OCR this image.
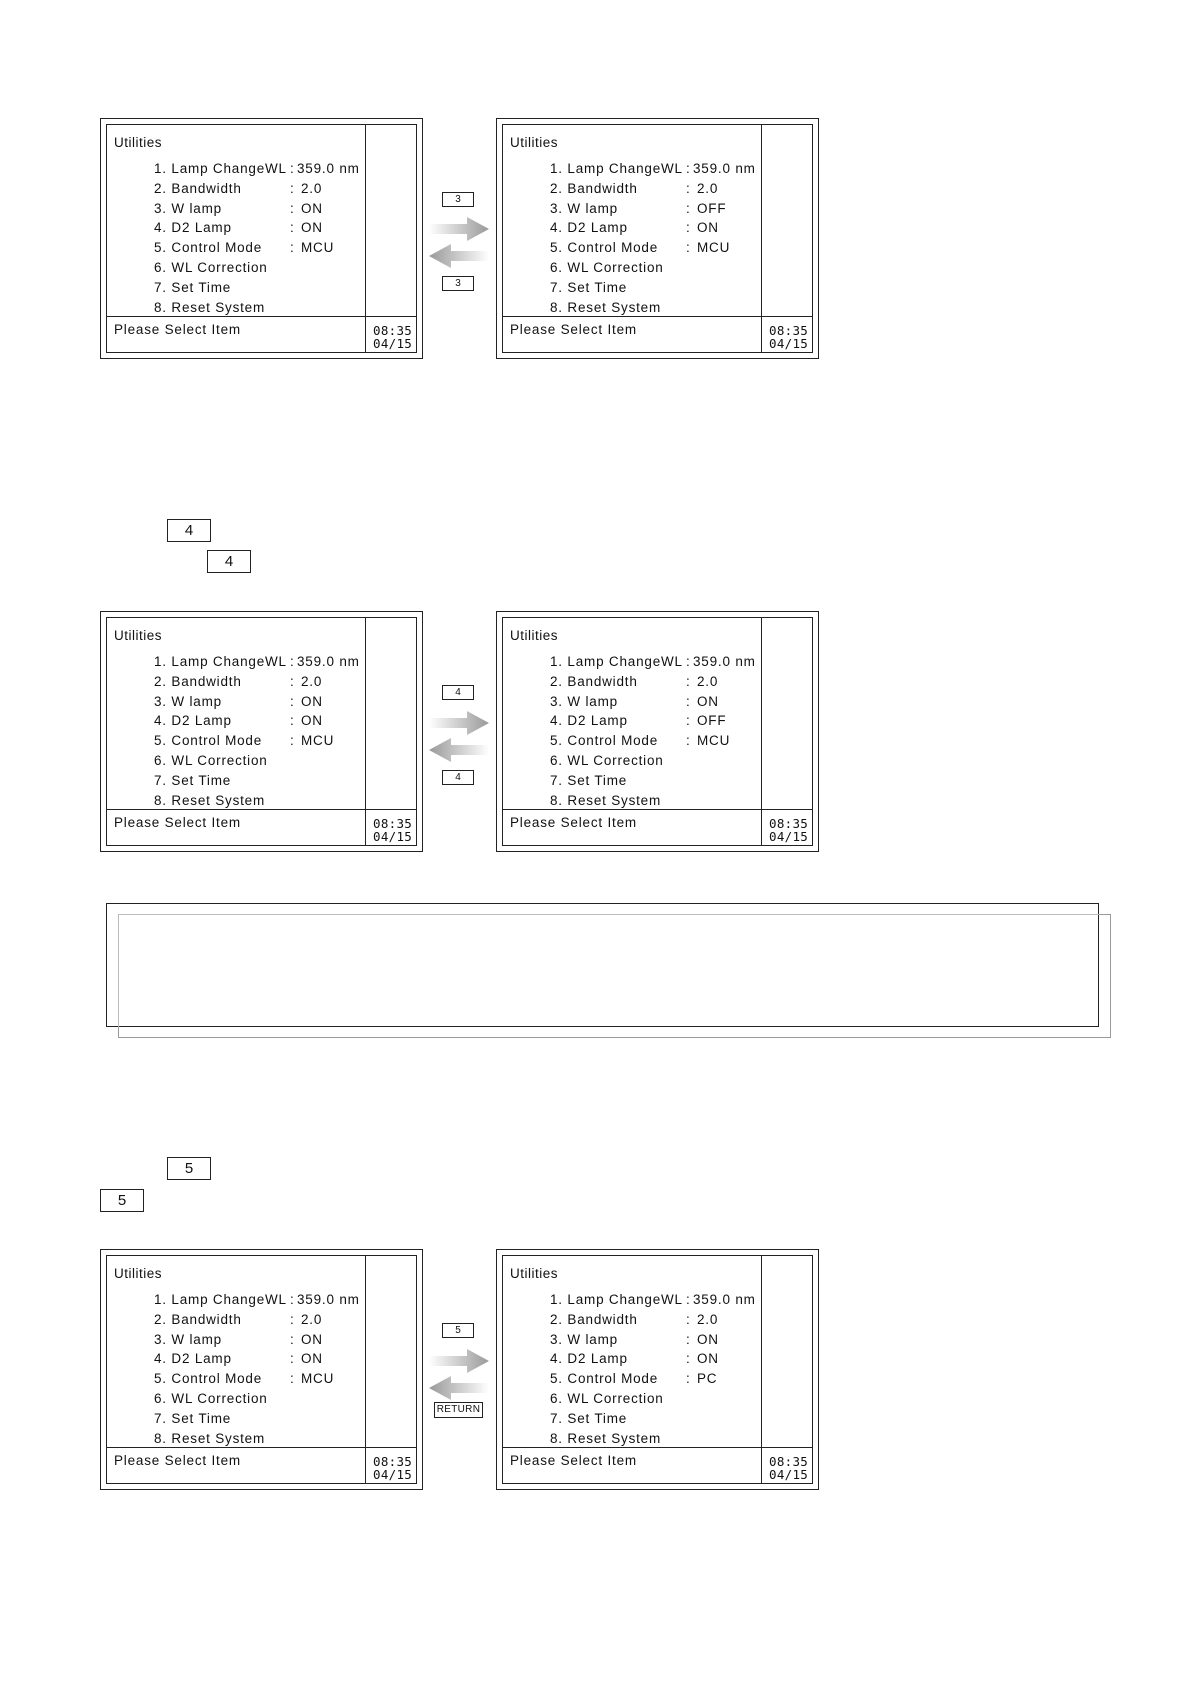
Utilities
1. Lamp ChangeWL : 359.0 nm
2. Bandwidth	: 2.0
3. W lamp	: ON
4. D2 Lamp	: ON
5. Control Mode : MCU
6. WL Correction
7. Set Time
8. Reset System
Please Select Item	08:35
04/15
Utilities
1. Lamp ChangeWL : 359.0 nm
2. Bandwidth	: 2.0
3. W lamp	: OFF
4. D2 Lamp	: ON
5. Control Mode : MCU
6. WL Correction
7. Set Time
8. Reset System
Please Select Item	08:35
04/15
3
3
4
4
Utilities
1. Lamp ChangeWL : 359.0 nm
2. Bandwidth	: 2.0
3. W lamp	: ON
4. D2 Lamp	: ON
5. Control Mode : MCU
6. WL Correction
7. Set Time
8. Reset System
Please Select Item	08:35
04/15
Utilities
1. Lamp ChangeWL : 359.0 nm
2. Bandwidth	: 2.0
3. W lamp	: ON
4. D2 Lamp	: OFF
5. Control Mode : MCU
6. WL Correction
7. Set Time
8. Reset System
Please Select Item	08:35
04/15
4
4
5
5
Utilities
1. Lamp ChangeWL : 359.0 nm
2. Bandwidth	: 2.0
3. W lamp	: ON
4. D2 Lamp	: ON
5. Control Mode : MCU
6. WL Correction
7. Set Time
8. Reset System
Please Select Item	08:35
04/15
Utilities
1. Lamp ChangeWL : 359.0 nm
2. Bandwidth	: 2.0
3. W lamp	: ON
4. D2 Lamp	: ON
5. Control Mode : PC
6. WL Correction
7. Set Time
8. Reset System
Please Select Item	08:35
04/15
5
RETURN
